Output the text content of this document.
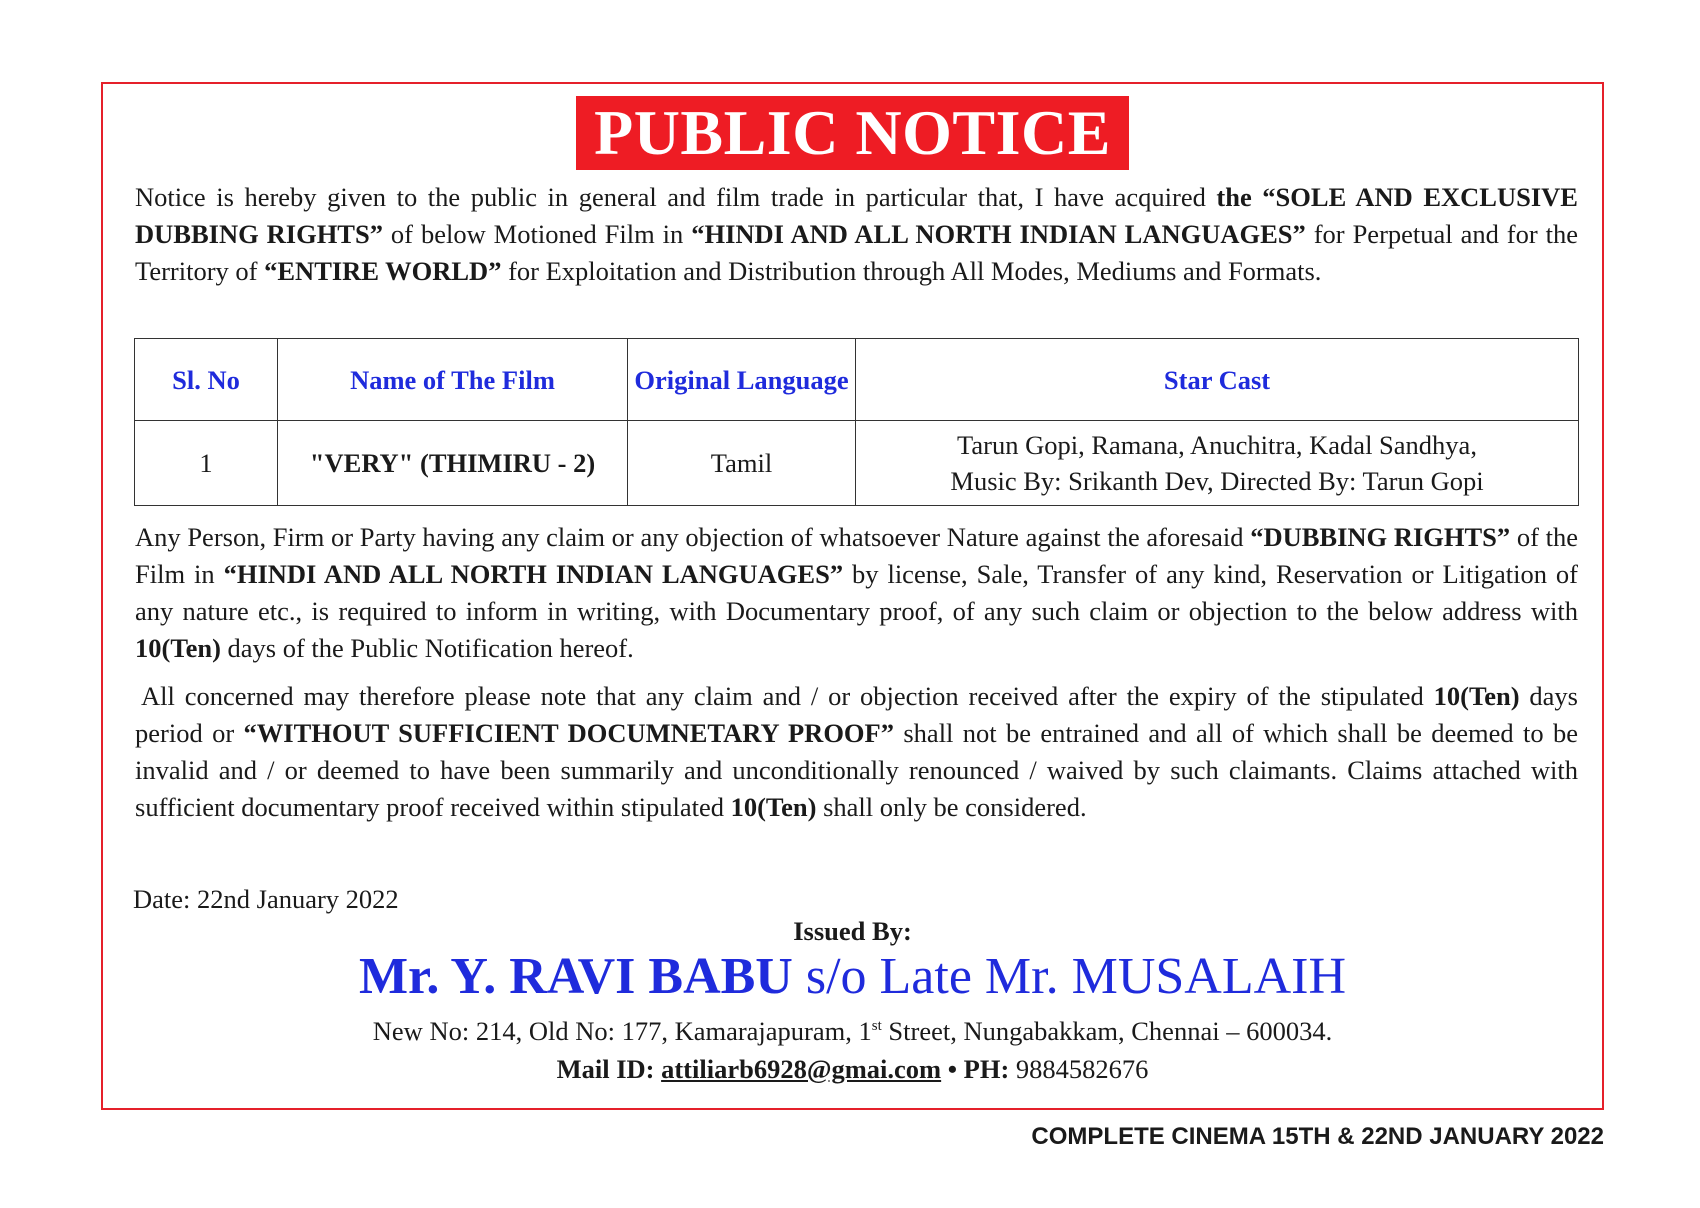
PUBLIC NOTICE

Notice is hereby given to the public in general and film trade in particular that, I have acquired the “SOLE AND EXCLUSIVE DUBBING RIGHTS” of below Motioned Film in “HINDI AND ALL NORTH INDIAN LANGUAGES” for Perpetual and for the Territory of “ENTIRE WORLD” for Exploitation and Distribution through All Modes, Mediums and Formats.

Sl. No	Name of The Film	Original Language	Star Cast
1	"VERY" (THIMIRU - 2)	Tamil	Tarun Gopi, Ramana, Anuchitra, Kadal Sandhya,
Music By: Srikanth Dev, Directed By: Tarun Gopi

Any Person, Firm or Party having any claim or any objection of whatsoever Nature against the aforesaid “DUBBING RIGHTS” of the Film in “HINDI AND ALL NORTH INDIAN LANGUAGES” by license, Sale, Transfer of any kind, Reservation or Litigation of any nature etc., is required to inform in writing, with Documentary proof, of any such claim or objection to the below address with 10(Ten) days of the Public Notification hereof.

All concerned may therefore please note that any claim and / or objection received after the expiry of the stipulated 10(Ten) days period or “WITHOUT SUFFICIENT DOCUMNETARY PROOF” shall not be entrained and all of which shall be deemed to be invalid and / or deemed to have been summarily and unconditionally renounced / waived by such claimants. Claims attached with sufficient documentary proof received within stipulated 10(Ten) shall only be considered.

Date: 22nd January 2022
Issued By:
Mr. Y. RAVI BABU s/o Late Mr. MUSALAIH
New No: 214, Old No: 177, Kamarajapuram, 1st Street, Nungabakkam, Chennai – 600034.
Mail ID: attiliarb6928@gmai.com • PH: 9884582676
COMPLETE CINEMA 15TH & 22ND JANUARY 2022
